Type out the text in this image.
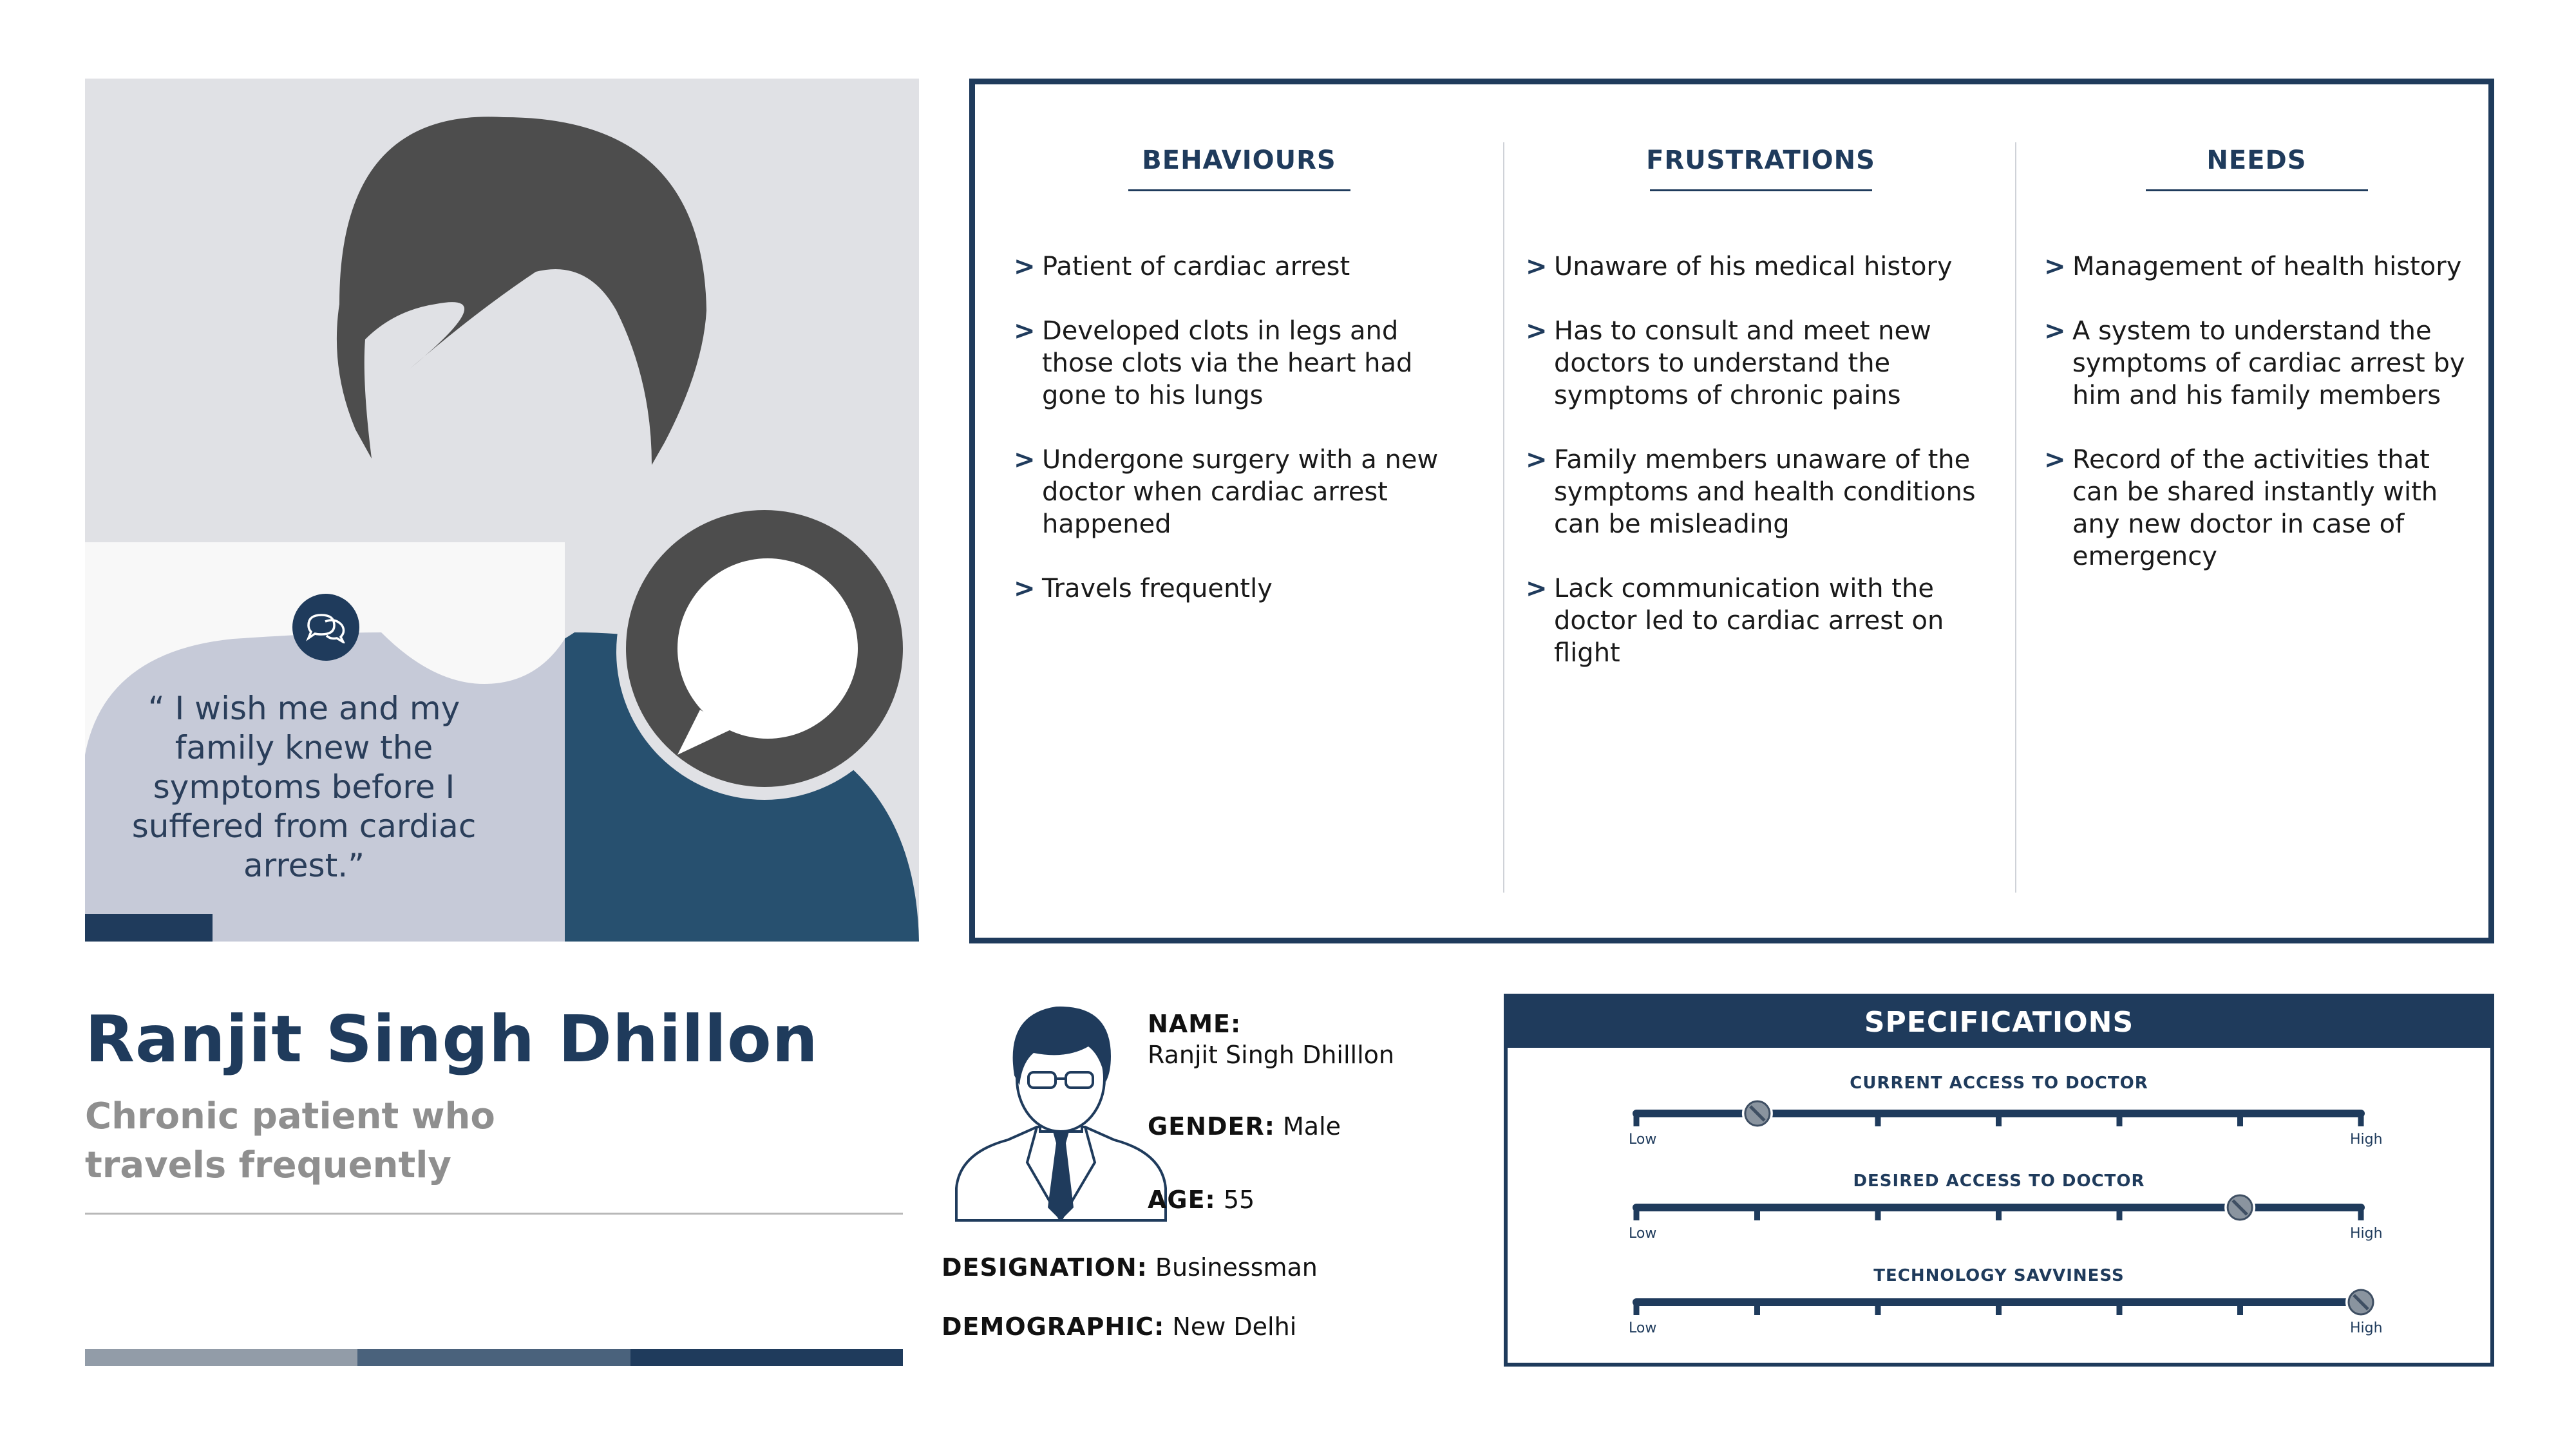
“ I wish me and my family knew the symptoms before I suffered from cardiac arrest.”
BEHAVIOURS
> Patient of cardiac arrest
> Developed clots in legs and those clots via the heart had gone to his lungs
> Undergone surgery with a new doctor when cardiac arrest happened
> Travels frequently
FRUSTRATIONS
> Unaware of his medical history
> Has to consult and meet new doctors to understand the symptoms of chronic pains
> Family members unaware of the symptoms and health conditions can be misleading
> Lack communication with the doctor led to cardiac arrest on flight
NEEDS
> Management of health history
> A system to understand the symptoms of cardiac arrest by him and his family members
> Record of the activities that can be shared instantly with any new doctor in case of emergency
Ranjit Singh Dhillon
Chronic patient who travels frequently
NAME:
Ranjit Singh Dhilllon
GENDER: Male
AGE: 55
DESIGNATION: Businessman
DEMOGRAPHIC: New Delhi
SPECIFICATIONS
CURRENT ACCESS TO DOCTOR
Low	High
DESIRED ACCESS TO DOCTOR
Low	High
TECHNOLOGY SAVVINESS
Low	High
